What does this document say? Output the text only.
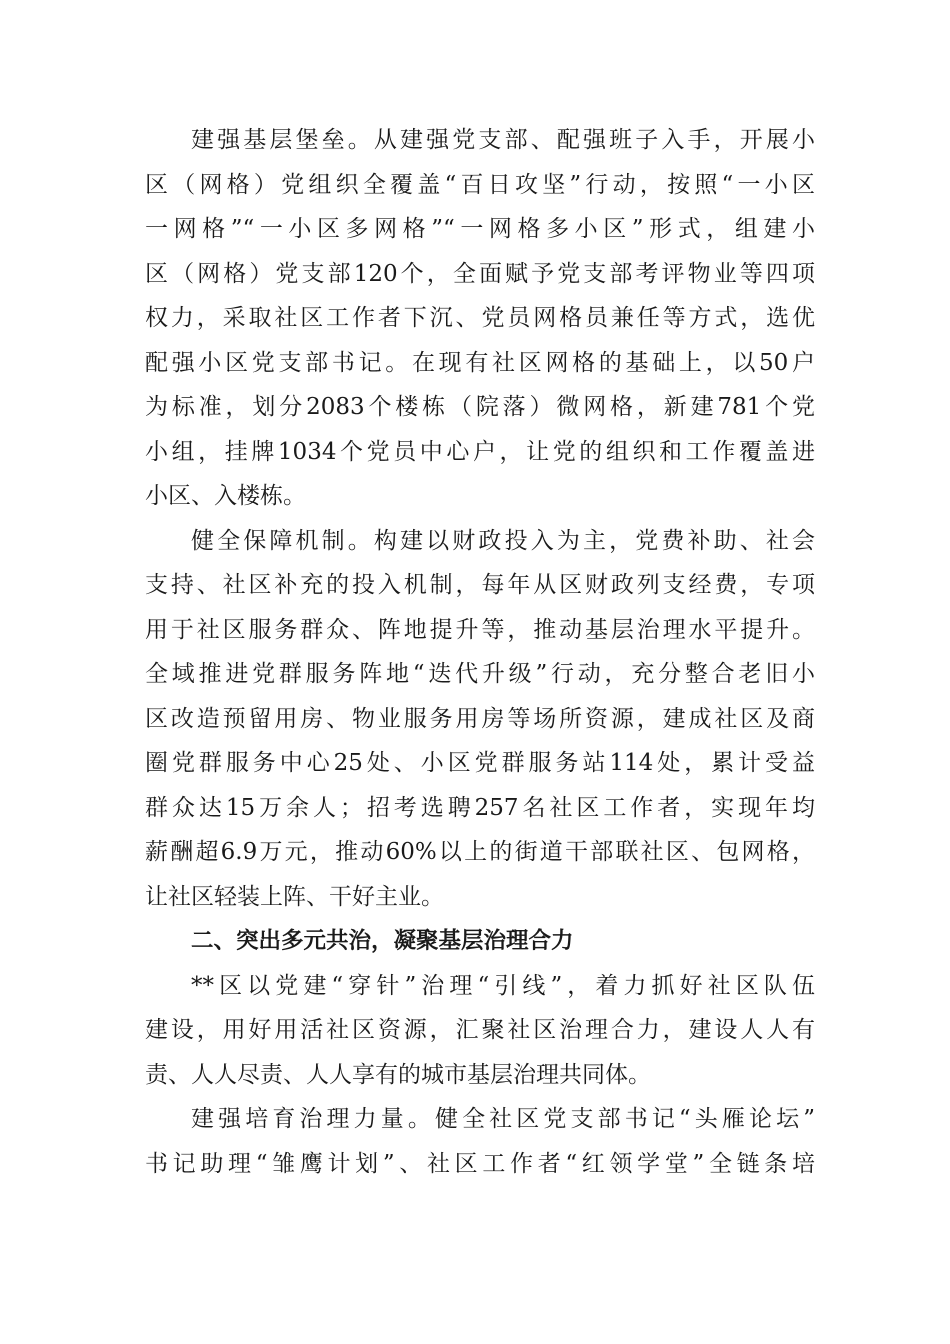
建强基层堡垒。从建强党支部、配强班子入手，开展小
区（网格）党组织全覆盖“百日攻坚”行动，按照“一小区
一网格”“一小区多网格”“一网格多小区”形式，组建小
区（网格）党支部120个，全面赋予党支部考评物业等四项
权力，采取社区工作者下沉、党员网格员兼任等方式，选优
配强小区党支部书记。在现有社区网格的基础上，以50户
为标准，划分2083个楼栋（院落）微网格，新建781个党
小组，挂牌1034个党员中心户，让党的组织和工作覆盖进
小区、入楼栋。
健全保障机制。构建以财政投入为主，党费补助、社会
支持、社区补充的投入机制，每年从区财政列支经费，专项
用于社区服务群众、阵地提升等，推动基层治理水平提升。
全域推进党群服务阵地“迭代升级”行动，充分整合老旧小
区改造预留用房、物业服务用房等场所资源，建成社区及商
圈党群服务中心25处、小区党群服务站114处，累计受益
群众达15万余人；招考选聘257名社区工作者，实现年均
薪酬超6.9万元，推动60%以上的街道干部联社区、包网格，
让社区轻装上阵、干好主业。
二、突出多元共治，凝聚基层治理合力
**区以党建“穿针”治理“引线”，着力抓好社区队伍
建设，用好用活社区资源，汇聚社区治理合力，建设人人有
责、人人尽责、人人享有的城市基层治理共同体。
建强培育治理力量。健全社区党支部书记“头雁论坛”
书记助理“雏鹰计划”、社区工作者“红领学堂”全链条培
